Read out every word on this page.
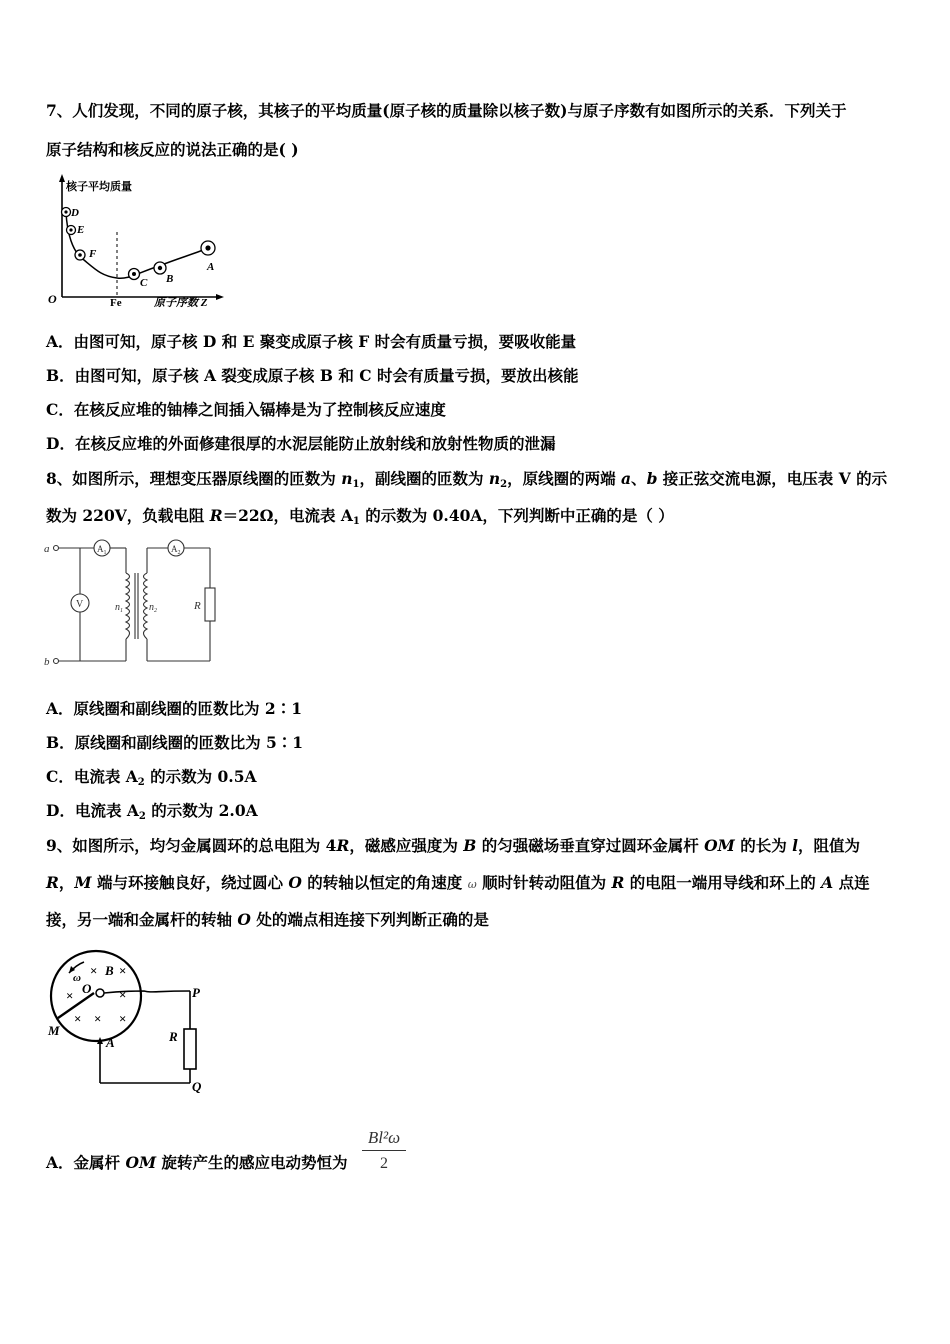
7、人们发现，不同的原子核，其核子的平均质量(原子核的质量除以核子数)与原子序数有如图所示的关系．下列关于
原子结构和核反应的说法正确的是( )
核子平均质量
O	原子序数 Z
Fe
D
E
F
C B
A
A．由图可知，原子核 D 和 E 聚变成原子核 F 时会有质量亏损，要吸收能量
B．由图可知，原子核 A 裂变成原子核 B 和 C 时会有质量亏损，要放出核能
C．在核反应堆的铀棒之间插入镉棒是为了控制核反应速度
D．在核反应堆的外面修建很厚的水泥层能防止放射线和放射性物质的泄漏
8、如图所示，理想变压器原线圈的匝数为 $n_1$，副线圈的匝数为 $n_2$，原线圈的两端 a、b 接正弦交流电源，电压表 V 的示
数为 220V，负载电阻 R＝22Ω，电流表 $A_1$ 的示数为 0.40A，下列判断中正确的是（ ）
a
b
$A_1$	$A_2$
V	$n_1$	$n_2$	R
A．原线圈和副线圈的匝数比为 2∶1
B．原线圈和副线圈的匝数比为 5∶1
C．电流表 $A_2$ 的示数为 0.5A
D．电流表 $A_2$ 的示数为 2.0A
9、如图所示，均匀金属圆环的总电阻为 4R，磁感应强度为 B 的匀强磁场垂直穿过圆环金属杆 OM 的长为 l，阻值为
R，M 端与环接触良好，绕过圆心 O 的转轴以恒定的角速度 ω 顺时针转动阻值为 R 的电阻一端用导线和环上的 A 点连
接，另一端和金属杆的转轴 O 处的端点相连接下列判断正确的是
ω × B ×
× O ×
× × ×
M
A
P
R
Q
A．金属杆 OM 旋转产生的感应电动势恒为 $\frac{\text{Bl²ω}}{2}$
